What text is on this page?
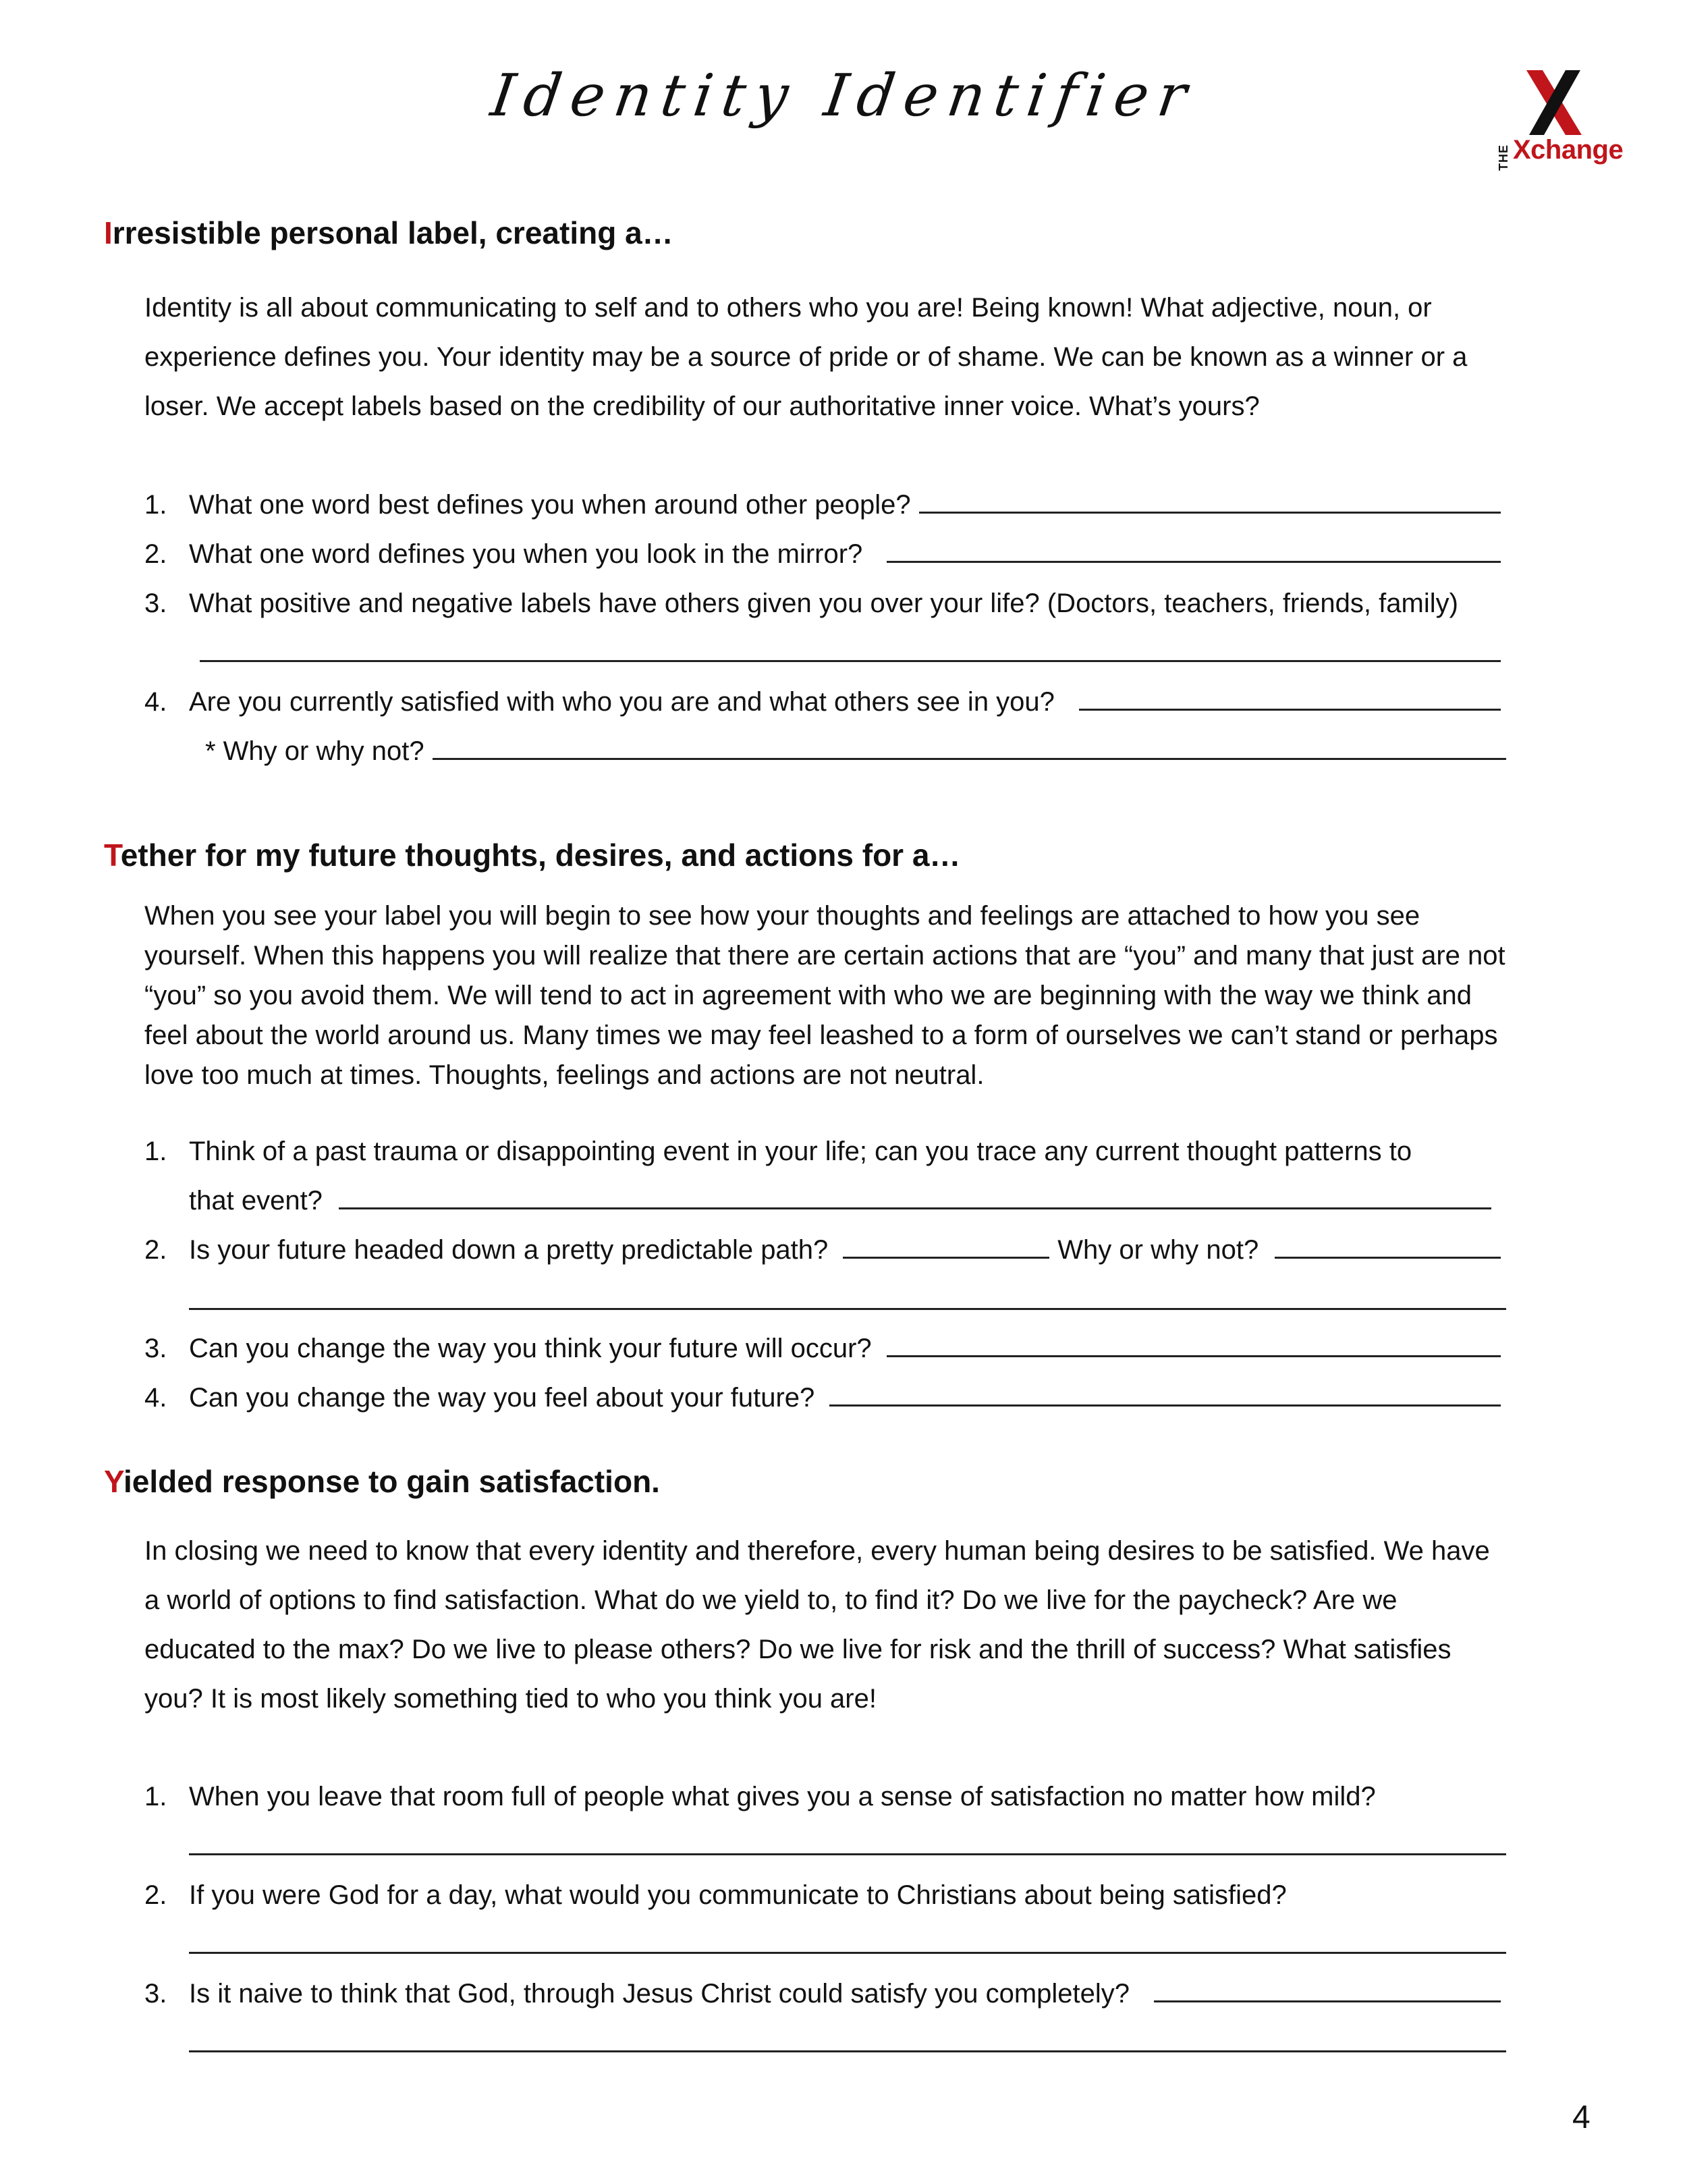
Identity Identifier
THE Xchange
Irresistible personal label, creating a…
Identity is all about communicating to self and to others who you are! Being known! What adjective, noun, or experience defines you. Your identity may be a source of pride or of shame. We can be known as a winner or a loser. We accept labels based on the credibility of our authoritative inner voice. What’s yours?
1. What one word best defines you when around other people?
2. What one word defines you when you look in the mirror?
3. What positive and negative labels have others given you over your life? (Doctors, teachers, friends, family)
4. Are you currently satisfied with who you are and what others see in you?
* Why or why not?
Tether for my future thoughts, desires, and actions for a…
When you see your label you will begin to see how your thoughts and feelings are attached to how you see yourself. When this happens you will realize that there are certain actions that are “you” and many that just are not “you” so you avoid them. We will tend to act in agreement with who we are beginning with the way we think and feel about the world around us. Many times we may feel leashed to a form of ourselves we can’t stand or perhaps love too much at times. Thoughts, feelings and actions are not neutral.
1. Think of a past trauma or disappointing event in your life; can you trace any current thought patterns to
that event?
2. Is your future headed down a pretty predictable path?	Why or why not?
3. Can you change the way you think your future will occur?
4. Can you change the way you feel about your future?
Yielded response to gain satisfaction.
In closing we need to know that every identity and therefore, every human being desires to be satisfied. We have a world of options to find satisfaction. What do we yield to, to find it? Do we live for the paycheck? Are we educated to the max? Do we live to please others? Do we live for risk and the thrill of success? What satisfies you? It is most likely something tied to who you think you are!
1. When you leave that room full of people what gives you a sense of satisfaction no matter how mild?
2. If you were God for a day, what would you communicate to Christians about being satisfied?
3. Is it naive to think that God, through Jesus Christ could satisfy you completely?
4
